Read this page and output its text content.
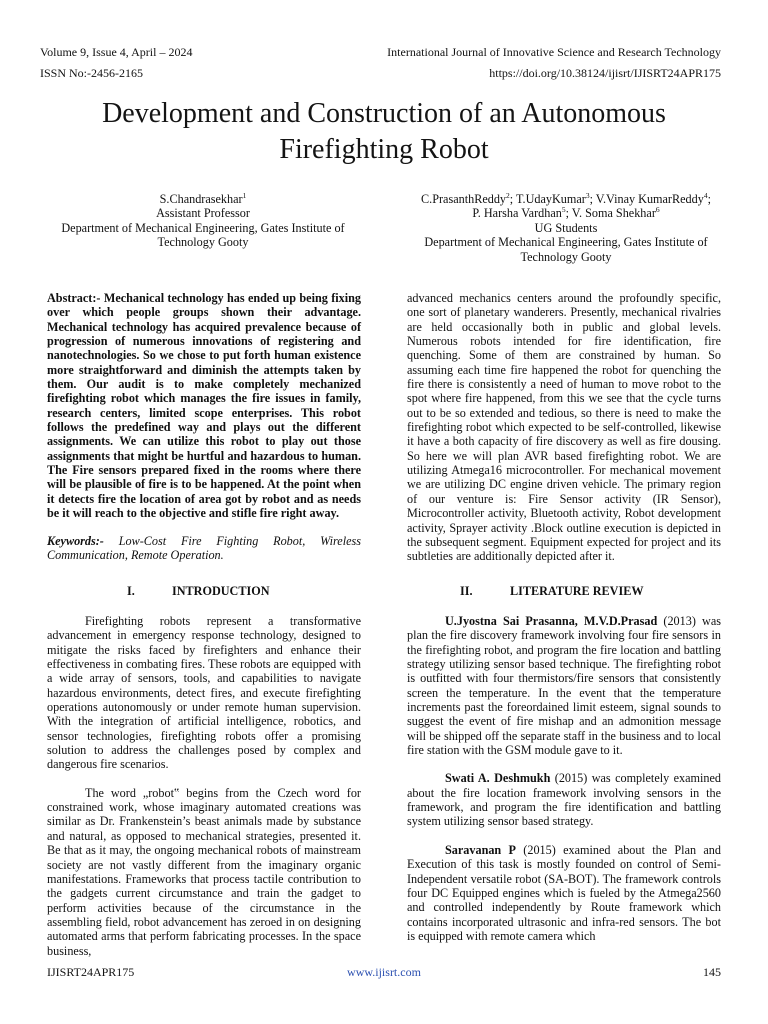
Volume 9, Issue 4, April – 2024	International Journal of Innovative Science and Research Technology
ISSN No:-2456-2165	https://doi.org/10.38124/ijisrt/IJISRT24APR175
Development and Construction of an Autonomous
Firefighting Robot
S.Chandrasekhar$^1$
Assistant Professor
Department of Mechanical Engineering, Gates Institute of
Technology Gooty
C.PrasanthReddy$^2$; T.UdayKumar$^3$; V.Vinay KumarReddy$^4$;
P. Harsha Vardhan$^5$; V. Soma Shekhar$^6$
UG Students
Department of Mechanical Engineering, Gates Institute of
Technology Gooty

Abstract:- Mechanical technology has ended up being fixing over which people groups shown their advantage. Mechanical technology has acquired prevalence because of progression of numerous innovations of registering and nanotechnologies. So we chose to put forth human existence more straightforward and diminish the attempts taken by them. Our audit is to make completely mechanized firefighting robot which manages the fire issues in family, research centers, limited scope enterprises. This robot follows the predefined way and plays out the different assignments. We can utilize this robot to play out those assignments that might be hurtful and hazardous to human. The Fire sensors prepared fixed in the rooms where there will be plausible of fire is to be happened. At the point when it detects fire the location of area got by robot and as needs be it will reach to the objective and stifle fire right away.

Keywords:- Low-Cost Fire Fighting Robot, Wireless Communication, Remote Operation.

I.	INTRODUCTION

Firefighting robots represent a transformative advancement in emergency response technology, designed to mitigate the risks faced by firefighters and enhance their effectiveness in combating fires. These robots are equipped with a wide array of sensors, tools, and capabilities to navigate hazardous environments, detect fires, and execute firefighting operations autonomously or under remote human supervision. With the integration of artificial intelligence, robotics, and sensor technologies, firefighting robots offer a promising solution to address the challenges posed by complex and dangerous fire scenarios.

The word „robot‟ begins from the Czech word for constrained work, whose imaginary automated creations was similar as Dr. Frankenstein’s beast animals made by substance and natural, as opposed to mechanical strategies, presented it. Be that as it may, the ongoing mechanical robots of mainstream society are not vastly different from the imaginary organic manifestations. Frameworks that process tactile contribution to the gadgets current circumstance and train the gadget to perform activities because of the circumstance in the assembling field, robot advancement has zeroed in on designing automated arms that perform fabricating processes. In the space business,

advanced mechanics centers around the profoundly specific, one sort of planetary wanderers. Presently, mechanical rivalries are held occasionally both in public and global levels. Numerous robots intended for fire identification, fire quenching. Some of them are constrained by human. So assuming each time fire happened the robot for quenching the fire there is consistently a need of human to move robot to the spot where fire happened, from this we see that the cycle turns out to be so extended and tedious, so there is need to make the firefighting robot which expected to be self-controlled, likewise it have a both capacity of fire discovery as well as fire dousing. So here we will plan AVR based firefighting robot. We are utilizing Atmega16 microcontroller. For mechanical movement we are utilizing DC engine driven vehicle. The primary region of our venture is: Fire Sensor activity (IR Sensor), Microcontroller activity, Bluetooth activity, Robot development activity, Sprayer activity .Block outline execution is depicted in the subsequent segment. Equipment expected for project and its subtleties are additionally depicted after it.

II.	LITERATURE REVIEW

U.Jyostna Sai Prasanna, M.V.D.Prasad (2013) was plan the fire discovery framework involving four fire sensors in the firefighting robot, and program the fire location and battling strategy utilizing sensor based technique. The firefighting robot is outfitted with four thermistors/fire sensors that consistently screen the temperature. In the event that the temperature increments past the foreordained limit esteem, signal sounds to suggest the event of fire mishap and an admonition message will be shipped off the separate staff in the business and to local fire station with the GSM module gave to it.

Swati A. Deshmukh (2015) was completely examined about the fire location framework involving sensors in the framework, and program the fire identification and battling system utilizing sensor based strategy.

Saravanan P (2015) examined about the Plan and Execution of this task is mostly founded on control of Semi-Independent versatile robot (SA-BOT). The framework controls four DC Equipped engines which is fueled by the Atmega2560 and controlled independently by Route framework which contains incorporated ultrasonic and infra-red sensors. The bot is equipped with remote camera which

IJISRT24APR175	www.ijisrt.com	145
